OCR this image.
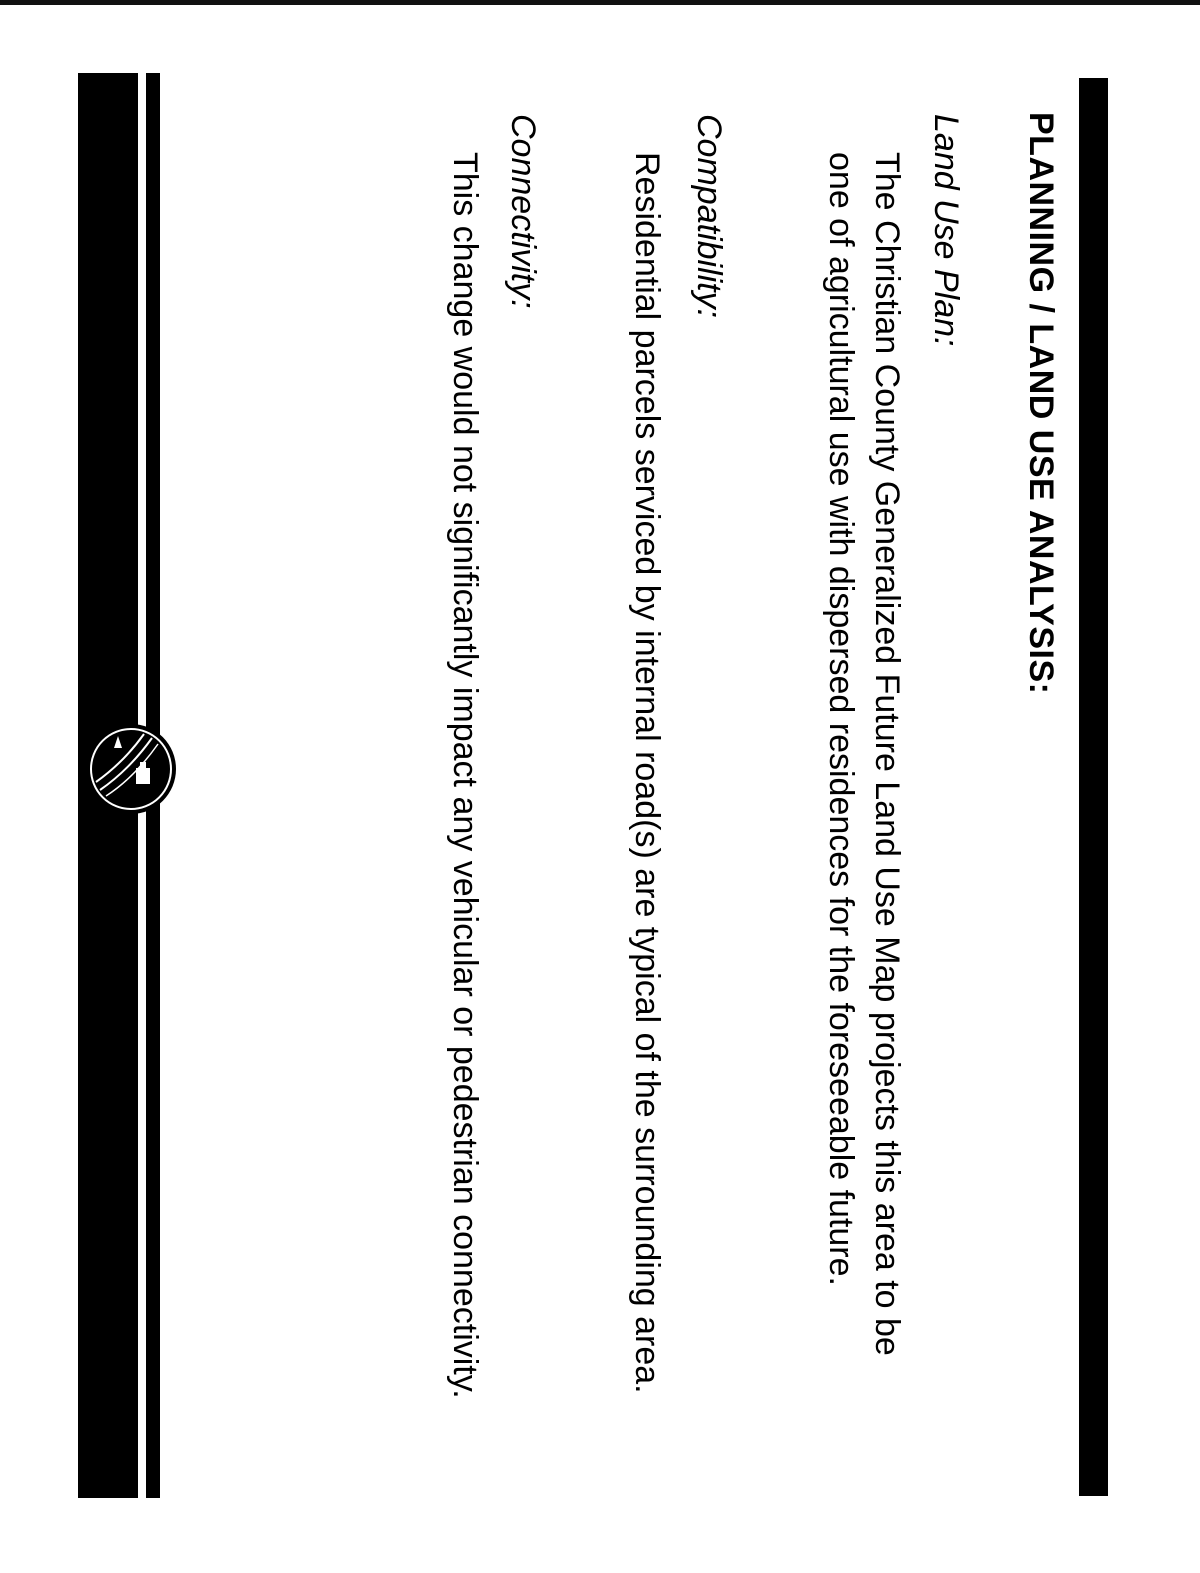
PLANNING / LAND USE ANALYSIS:
Land Use Plan:
The Christian County Generalized Future Land Use Map projects this area to be one of agricultural use with dispersed residences for the foreseeable future.
Compatibility:
Residential parcels serviced by internal road(s) are typical of the surrounding area.
Connectivity:
This change would not significantly impact any vehicular or pedestrian connectivity.
